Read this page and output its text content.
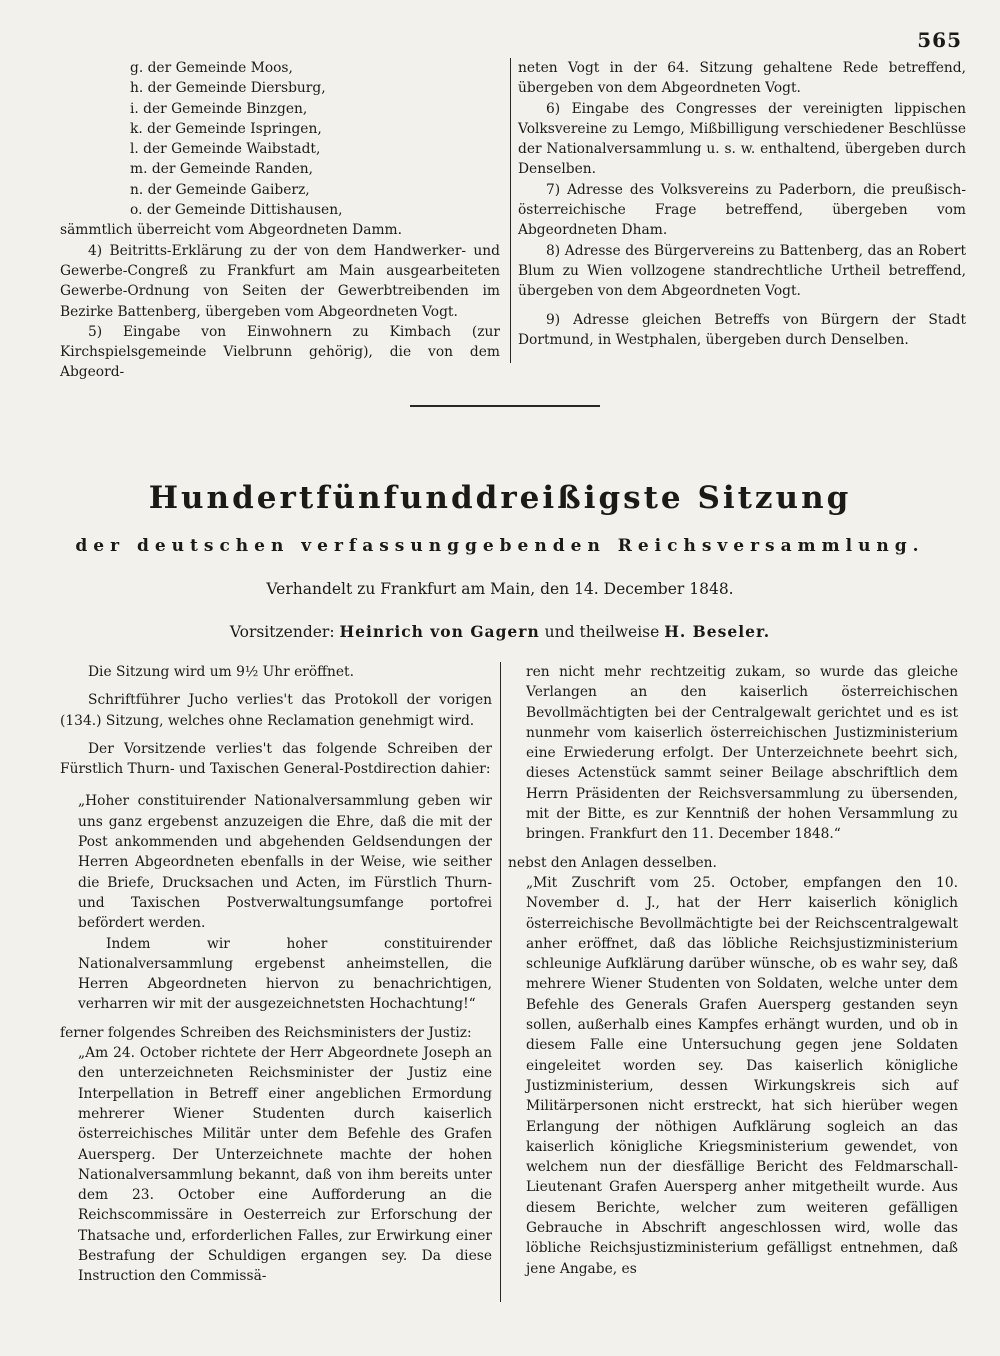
565
g. der Gemeinde Moos,
h. der Gemeinde Diersburg,
i. der Gemeinde Binzgen,
k. der Gemeinde Ispringen,
l. der Gemeinde Waibstadt,
m. der Gemeinde Randen,
n. der Gemeinde Gaiberz,
o. der Gemeinde Dittishausen,

sämmtlich überreicht vom Abgeordneten Damm.

4) Beitritts-Erklärung zu der von dem Handwerker- und Gewerbe-Congreß zu Frankfurt am Main ausgearbeiteten Gewerbe-Ordnung von Seiten der Gewerbtreibenden im Bezirke Battenberg, übergeben vom Abgeordneten Vogt.

5) Eingabe von Einwohnern zu Kimbach (zur Kirchspielsgemeinde Vielbrunn gehörig), die von dem Abgeord-

neten Vogt in der 64. Sitzung gehaltene Rede betreffend, übergeben von dem Abgeordneten Vogt.

6) Eingabe des Congresses der vereinigten lippischen Volksvereine zu Lemgo, Mißbilligung verschiedener Beschlüsse der Nationalversammlung u. s. w. enthaltend, übergeben durch Denselben.

7) Adresse des Volksvereins zu Paderborn, die preußisch-österreichische Frage betreffend, übergeben vom Abgeordneten Dham.

8) Adresse des Bürgervereins zu Battenberg, das an Robert Blum zu Wien vollzogene standrechtliche Urtheil betreffend, übergeben von dem Abgeordneten Vogt.

9) Adresse gleichen Betreffs von Bürgern der Stadt Dortmund, in Westphalen, übergeben durch Denselben.

Hundertfünfunddreißigste Sitzung
der deutschen verfassunggebenden Reichsversammlung.
Verhandelt zu Frankfurt am Main, den 14. December 1848.
Vorsitzender: Heinrich von Gagern und theilweise H. Beseler.

Die Sitzung wird um 9½ Uhr eröffnet.

Schriftführer Jucho verlies't das Protokoll der vorigen (134.) Sitzung, welches ohne Reclamation genehmigt wird.

Der Vorsitzende verlies't das folgende Schreiben der Fürstlich Thurn- und Taxischen General-Postdirection dahier:

„Hoher constituirender Nationalversammlung geben wir uns ganz ergebenst anzuzeigen die Ehre, daß die mit der Post ankommenden und abgehenden Geldsendungen der Herren Abgeordneten ebenfalls in der Weise, wie seither die Briefe, Drucksachen und Acten, im Fürstlich Thurn- und Taxischen Postverwaltungsumfange portofrei befördert werden.

Indem wir hoher constituirender Nationalversammlung ergebenst anheimstellen, die Herren Abgeordneten hiervon zu benachrichtigen, verharren wir mit der ausgezeichnetsten Hochachtung!“

ferner folgendes Schreiben des Reichsministers der Justiz:

„Am 24. October richtete der Herr Abgeordnete Joseph an den unterzeichneten Reichsminister der Justiz eine Interpellation in Betreff einer angeblichen Ermordung mehrerer Wiener Studenten durch kaiserlich österreichisches Militär unter dem Befehle des Grafen Auersperg. Der Unterzeichnete machte der hohen Nationalversammlung bekannt, daß von ihm bereits unter dem 23. October eine Aufforderung an die Reichscommissäre in Oesterreich zur Erforschung der Thatsache und, erforderlichen Falles, zur Erwirkung einer Bestrafung der Schuldigen ergangen sey. Da diese Instruction den Commissä-

ren nicht mehr rechtzeitig zukam, so wurde das gleiche Verlangen an den kaiserlich österreichischen Bevollmächtigten bei der Centralgewalt gerichtet und es ist nunmehr vom kaiserlich österreichischen Justizministerium eine Erwiederung erfolgt. Der Unterzeichnete beehrt sich, dieses Actenstück sammt seiner Beilage abschriftlich dem Herrn Präsidenten der Reichsversammlung zu übersenden, mit der Bitte, es zur Kenntniß der hohen Versammlung zu bringen. Frankfurt den 11. December 1848.“

nebst den Anlagen desselben.

„Mit Zuschrift vom 25. October, empfangen den 10. November d. J., hat der Herr kaiserlich königlich österreichische Bevollmächtigte bei der Reichscentralgewalt anher eröffnet, daß das löbliche Reichsjustizministerium schleunige Aufklärung darüber wünsche, ob es wahr sey, daß mehrere Wiener Studenten von Soldaten, welche unter dem Befehle des Generals Grafen Auersperg gestanden seyn sollen, außerhalb eines Kampfes erhängt wurden, und ob in diesem Falle eine Untersuchung gegen jene Soldaten eingeleitet worden sey. Das kaiserlich königliche Justizministerium, dessen Wirkungskreis sich auf Militärpersonen nicht erstreckt, hat sich hierüber wegen Erlangung der nöthigen Aufklärung sogleich an das kaiserlich königliche Kriegsministerium gewendet, von welchem nun der diesfällige Bericht des Feldmarschall-Lieutenant Grafen Auersperg anher mitgetheilt wurde. Aus diesem Berichte, welcher zum weiteren gefälligen Gebrauche in Abschrift angeschlossen wird, wolle das löbliche Reichsjustizministerium gefälligst entnehmen, daß jene Angabe, es
